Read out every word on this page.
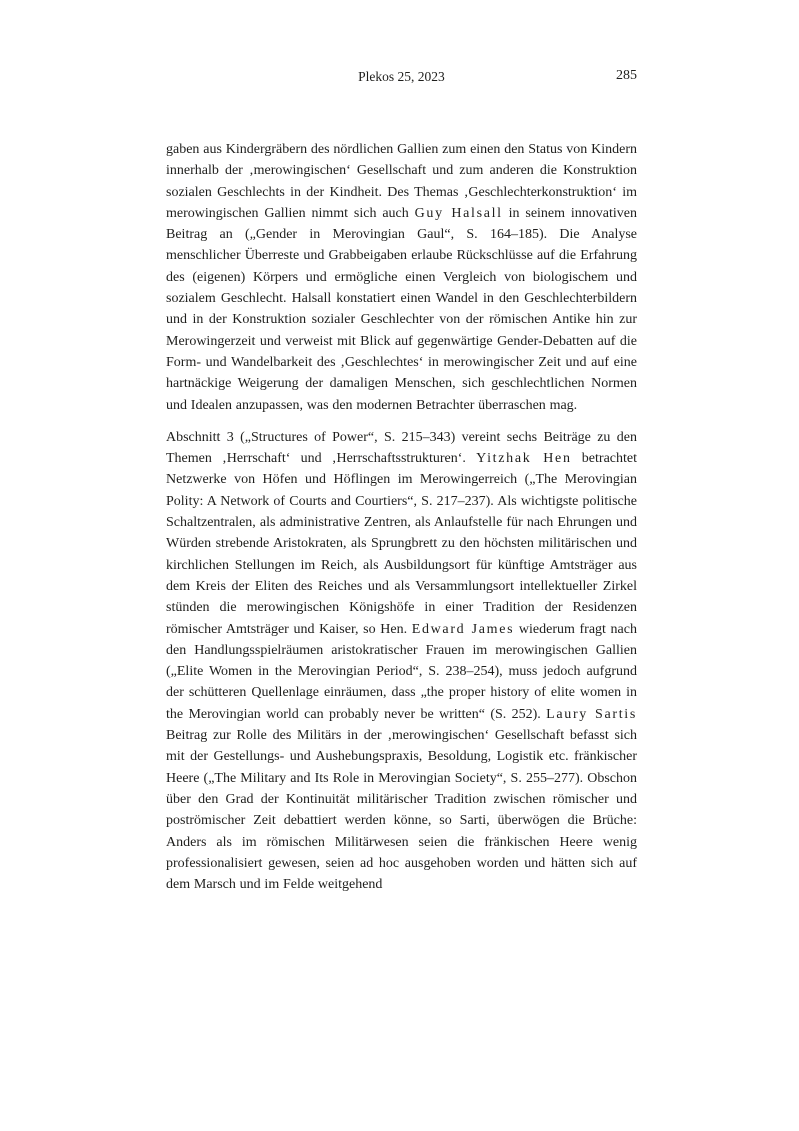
Plekos 25, 2023	285

gaben aus Kindergräbern des nördlichen Gallien zum einen den Status von Kindern innerhalb der ‚merowingischen‘ Gesellschaft und zum anderen die Konstruktion sozialen Geschlechts in der Kindheit. Des Themas ‚Geschlechterkonstruktion‘ im merowingischen Gallien nimmt sich auch Guy Halsall in seinem innovativen Beitrag an („Gender in Merovingian Gaul“, S. 164–185). Die Analyse menschlicher Überreste und Grabbeigaben erlaube Rückschlüsse auf die Erfahrung des (eigenen) Körpers und ermögliche einen Vergleich von biologischem und sozialem Geschlecht. Halsall konstatiert einen Wandel in den Geschlechterbildern und in der Konstruktion sozialer Geschlechter von der römischen Antike hin zur Merowingerzeit und verweist mit Blick auf gegenwärtige Gender-Debatten auf die Form- und Wandelbarkeit des ‚Geschlechtes‘ in merowingischer Zeit und auf eine hartnäckige Weigerung der damaligen Menschen, sich geschlechtlichen Normen und Idealen anzupassen, was den modernen Betrachter überraschen mag.

Abschnitt 3 („Structures of Power“, S. 215–343) vereint sechs Beiträge zu den Themen ‚Herrschaft‘ und ‚Herrschaftsstrukturen‘. Yitzhak Hen betrachtet Netzwerke von Höfen und Höflingen im Merowingerreich („The Merovingian Polity: A Network of Courts and Courtiers“, S. 217–237). Als wichtigste politische Schaltzentralen, als administrative Zentren, als Anlaufstelle für nach Ehrungen und Würden strebende Aristokraten, als Sprungbrett zu den höchsten militärischen und kirchlichen Stellungen im Reich, als Ausbildungsort für künftige Amtsträger aus dem Kreis der Eliten des Reiches und als Versammlungsort intellektueller Zirkel stünden die merowingischen Königshöfe in einer Tradition der Residenzen römischer Amtsträger und Kaiser, so Hen. Edward James wiederum fragt nach den Handlungsspielräumen aristokratischer Frauen im merowingischen Gallien („Elite Women in the Merovingian Period“, S. 238–254), muss jedoch aufgrund der schütteren Quellenlage einräumen, dass „the proper history of elite women in the Merovingian world can probably never be written“ (S. 252). Laury Sartis Beitrag zur Rolle des Militärs in der ‚merowingischen‘ Gesellschaft befasst sich mit der Gestellungs- und Aushebungspraxis, Besoldung, Logistik etc. fränkischer Heere („The Military and Its Role in Merovingian Society“, S. 255–277). Obschon über den Grad der Kontinuität militärischer Tradition zwischen römischer und poströmischer Zeit debattiert werden könne, so Sarti, überwögen die Brüche: Anders als im römischen Militärwesen seien die fränkischen Heere wenig professionalisiert gewesen, seien ad hoc ausgehoben worden und hätten sich auf dem Marsch und im Felde weitgehend
